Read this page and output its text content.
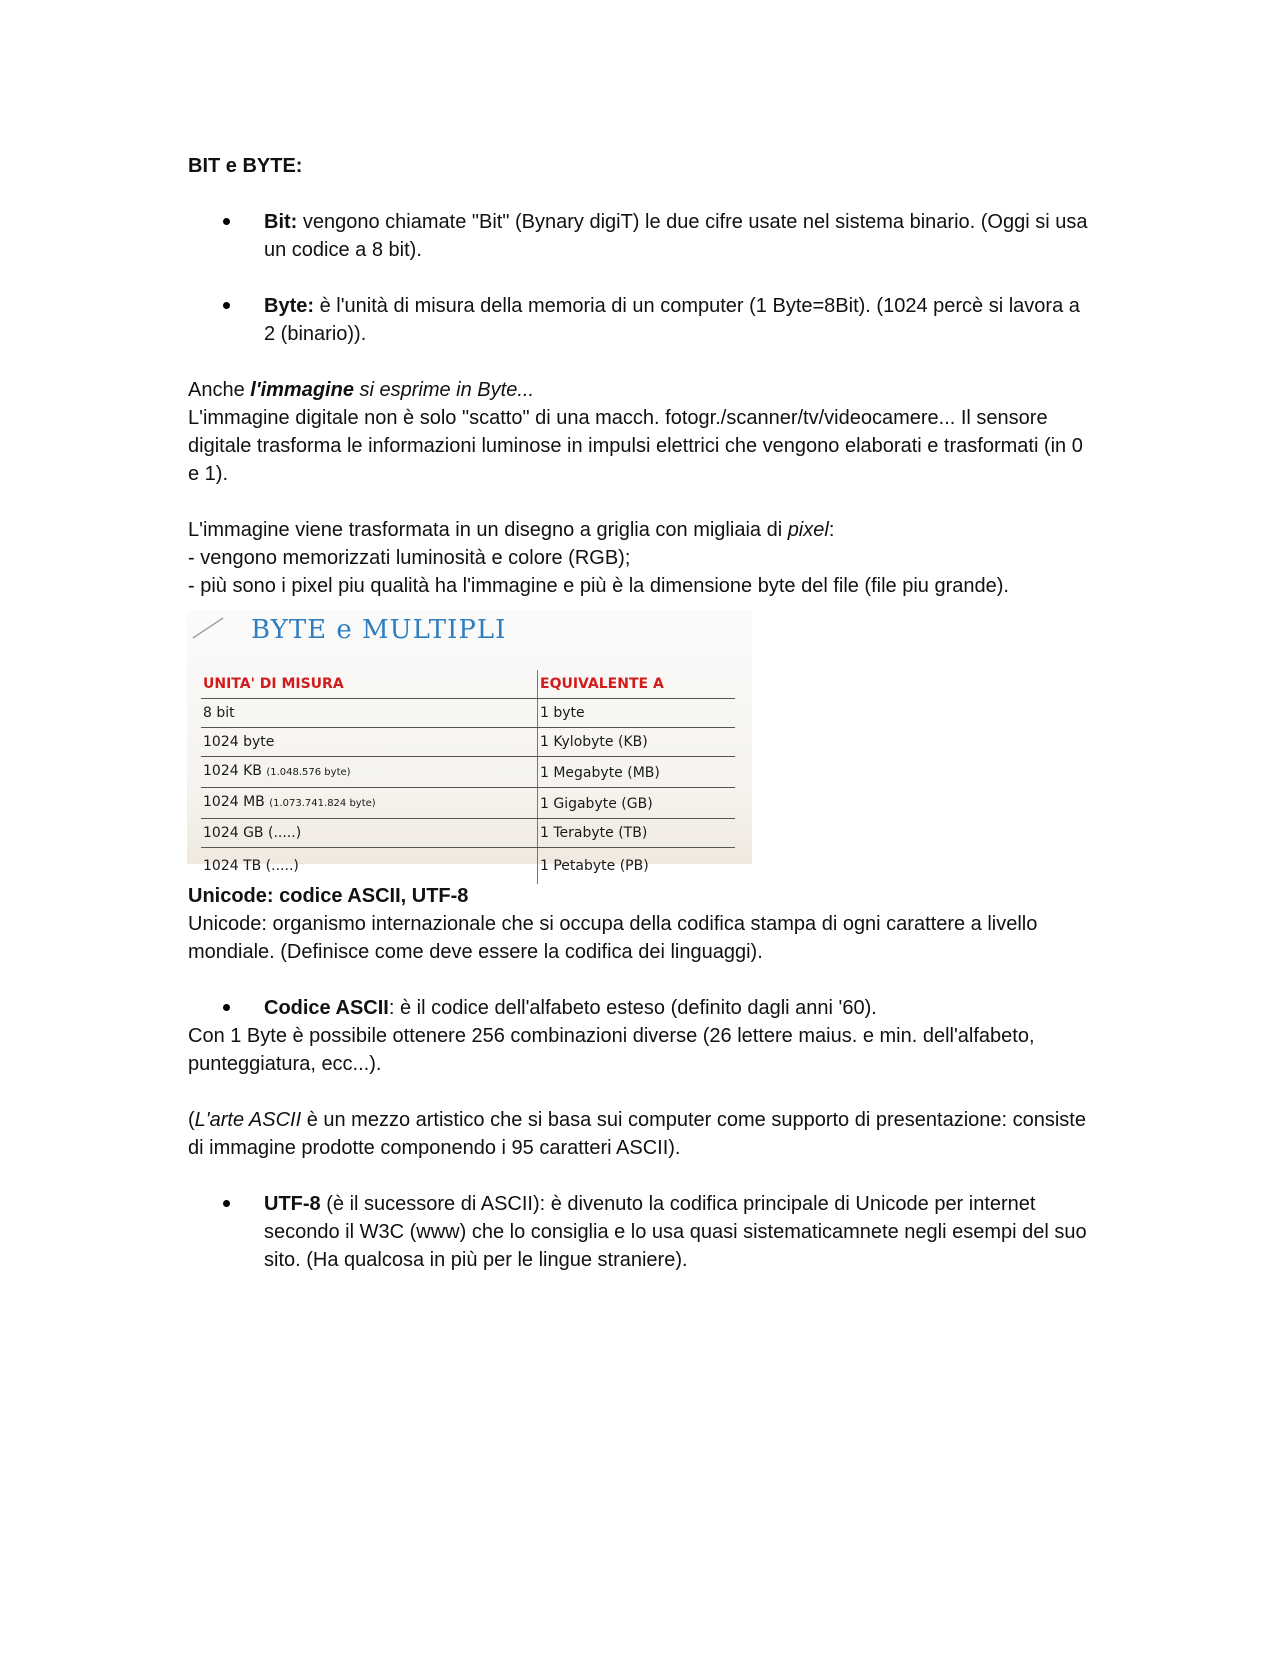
BIT e BYTE:

Bit: vengono chiamate "Bit" (Bynary digiT) le due cifre usate nel sistema binario. (Oggi si usa un codice a 8 bit).
Byte: è l'unità di misura della memoria di un computer (1 Byte=8Bit). (1024 percè si lavora a 2 (binario)).

Anche l'immagine si esprime in Byte...

L'immagine digitale non è solo "scatto" di una macch. fotogr./scanner/tv/videocamere... Il sensore digitale trasforma le informazioni luminose in impulsi elettrici che vengono elaborati e trasformati (in 0 e 1).

L'immagine viene trasformata in un disegno a griglia con migliaia di pixel:

- vengono memorizzati luminosità e colore (RGB);

- più sono i pixel piu qualità ha l'immagine e più è la dimensione byte del file (file piu grande).

BYTE e MULTIPLI
UNITA' DI MISURA	EQUIVALENTE A
8 bit	1 byte
1024 byte	1 Kylobyte (KB)
1024 KB (1.048.576 byte)	1 Megabyte (MB)
1024 MB (1.073.741.824 byte)	1 Gigabyte (GB)
1024 GB (.....)	1 Terabyte (TB)
1024 TB (.....)	1 Petabyte (PB)

Unicode: codice ASCII, UTF-8

Unicode: organismo internazionale che si occupa della codifica stampa di ogni carattere a livello mondiale. (Definisce come deve essere la codifica dei linguaggi).

Codice ASCII: è il codice dell'alfabeto esteso (definito dagli anni '60).

Con 1 Byte è possibile ottenere 256 combinazioni diverse (26 lettere maius. e min. dell'alfabeto, punteggiatura, ecc...).

(L'arte ASCII è un mezzo artistico che si basa sui computer come supporto di presentazione: consiste di immagine prodotte componendo i 95 caratteri ASCII).

UTF-8 (è il sucessore di ASCII): è divenuto la codifica principale di Unicode per internet secondo il W3C (www) che lo consiglia e lo usa quasi sistematicamnete negli esempi del suo sito. (Ha qualcosa in più per le lingue straniere).
